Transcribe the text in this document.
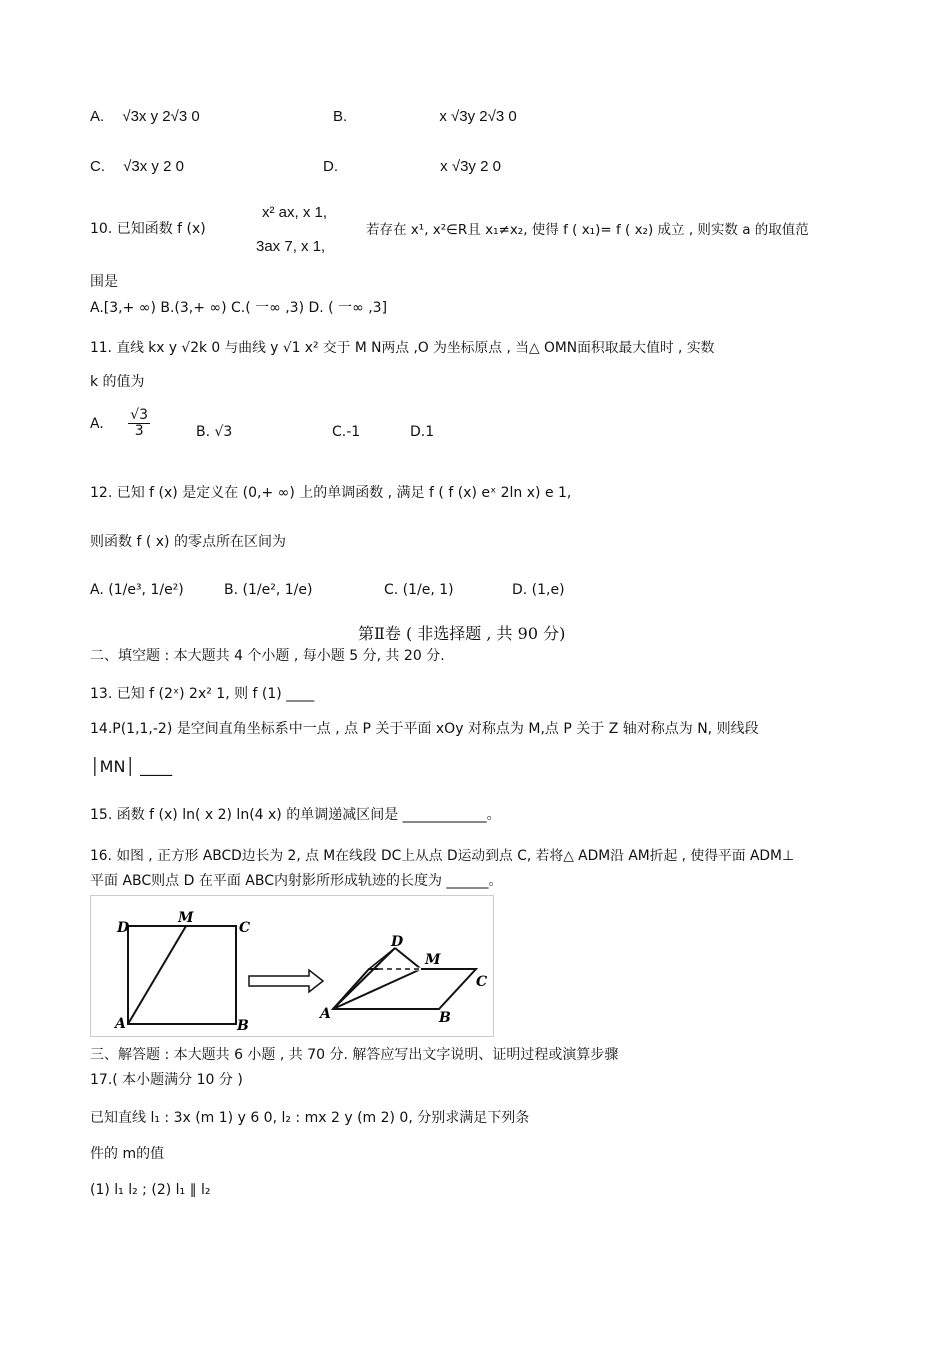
A. √3x y 2√3 0	B.	x √3y 2√3 0
C. √3x y 2 0	D.	x √3y 2 0
10. 已知函数 f (x)
x² ax, x 1,
3ax 7, x 1,
若存在 x¹, x²∈R且 x₁≠x₂, 使得 f ( x₁)= f ( x₂) 成立 , 则实数 a 的取值范
围是
A.[3,+ ∞) B.(3,+ ∞) C.( 一∞ ,3) D. ( 一∞ ,3]
11. 直线 kx y √2k 0 与曲线 y √1 x² 交于 M N两点 ,O 为坐标原点 , 当△ OMN面积取最大值时 , 实数
k 的值为
A. $\frac{√3}{3}$	B. √3	C.-1	D.1
12. 已知 f (x) 是定义在 (0,+ ∞) 上的单调函数 , 满足 f ( f (x) eˣ 2ln x) e 1,
则函数 f ( x) 的零点所在区间为
A. (1/e³, 1/e²)	B. (1/e², 1/e)	C. (1/e, 1)	D. (1,e)
第Ⅱ卷 ( 非选择题 , 共 90 分)
二、填空题 : 本大题共 4 个小题 , 每小题 5 分, 共 20 分.
13. 已知 f (2ˣ) 2x² 1, 则 f (1) ____
14.P(1,1,-2) 是空间直角坐标系中一点 , 点 P 关于平面 xOy 对称点为 M,点 P 关于 Z 轴对称点为 N, 则线段
│MN│ ____
15. 函数 f (x) ln( x 2) ln(4 x) 的单调递减区间是 ____________。
16. 如图 , 正方形 ABCD边长为 2, 点 M在线段 DC上从点 D运动到点 C, 若将△ ADM沿 AM折起 , 使得平面 ADM⊥
平面 ABC则点 D 在平面 ABC内射影所形成轨迹的长度为 ______。
D
M
C
A	B
D
M
C
A	B
三、解答题 : 本大题共 6 小题 , 共 70 分. 解答应写出文字说明、证明过程或演算步骤
17.( 本小题满分 10 分 )
已知直线 l₁ : 3x (m 1) y 6 0, l₂ : mx 2 y (m 2) 0, 分别求满足下列条
件的 m的值
(1) l₁ l₂ ; (2) l₁ ∥ l₂
